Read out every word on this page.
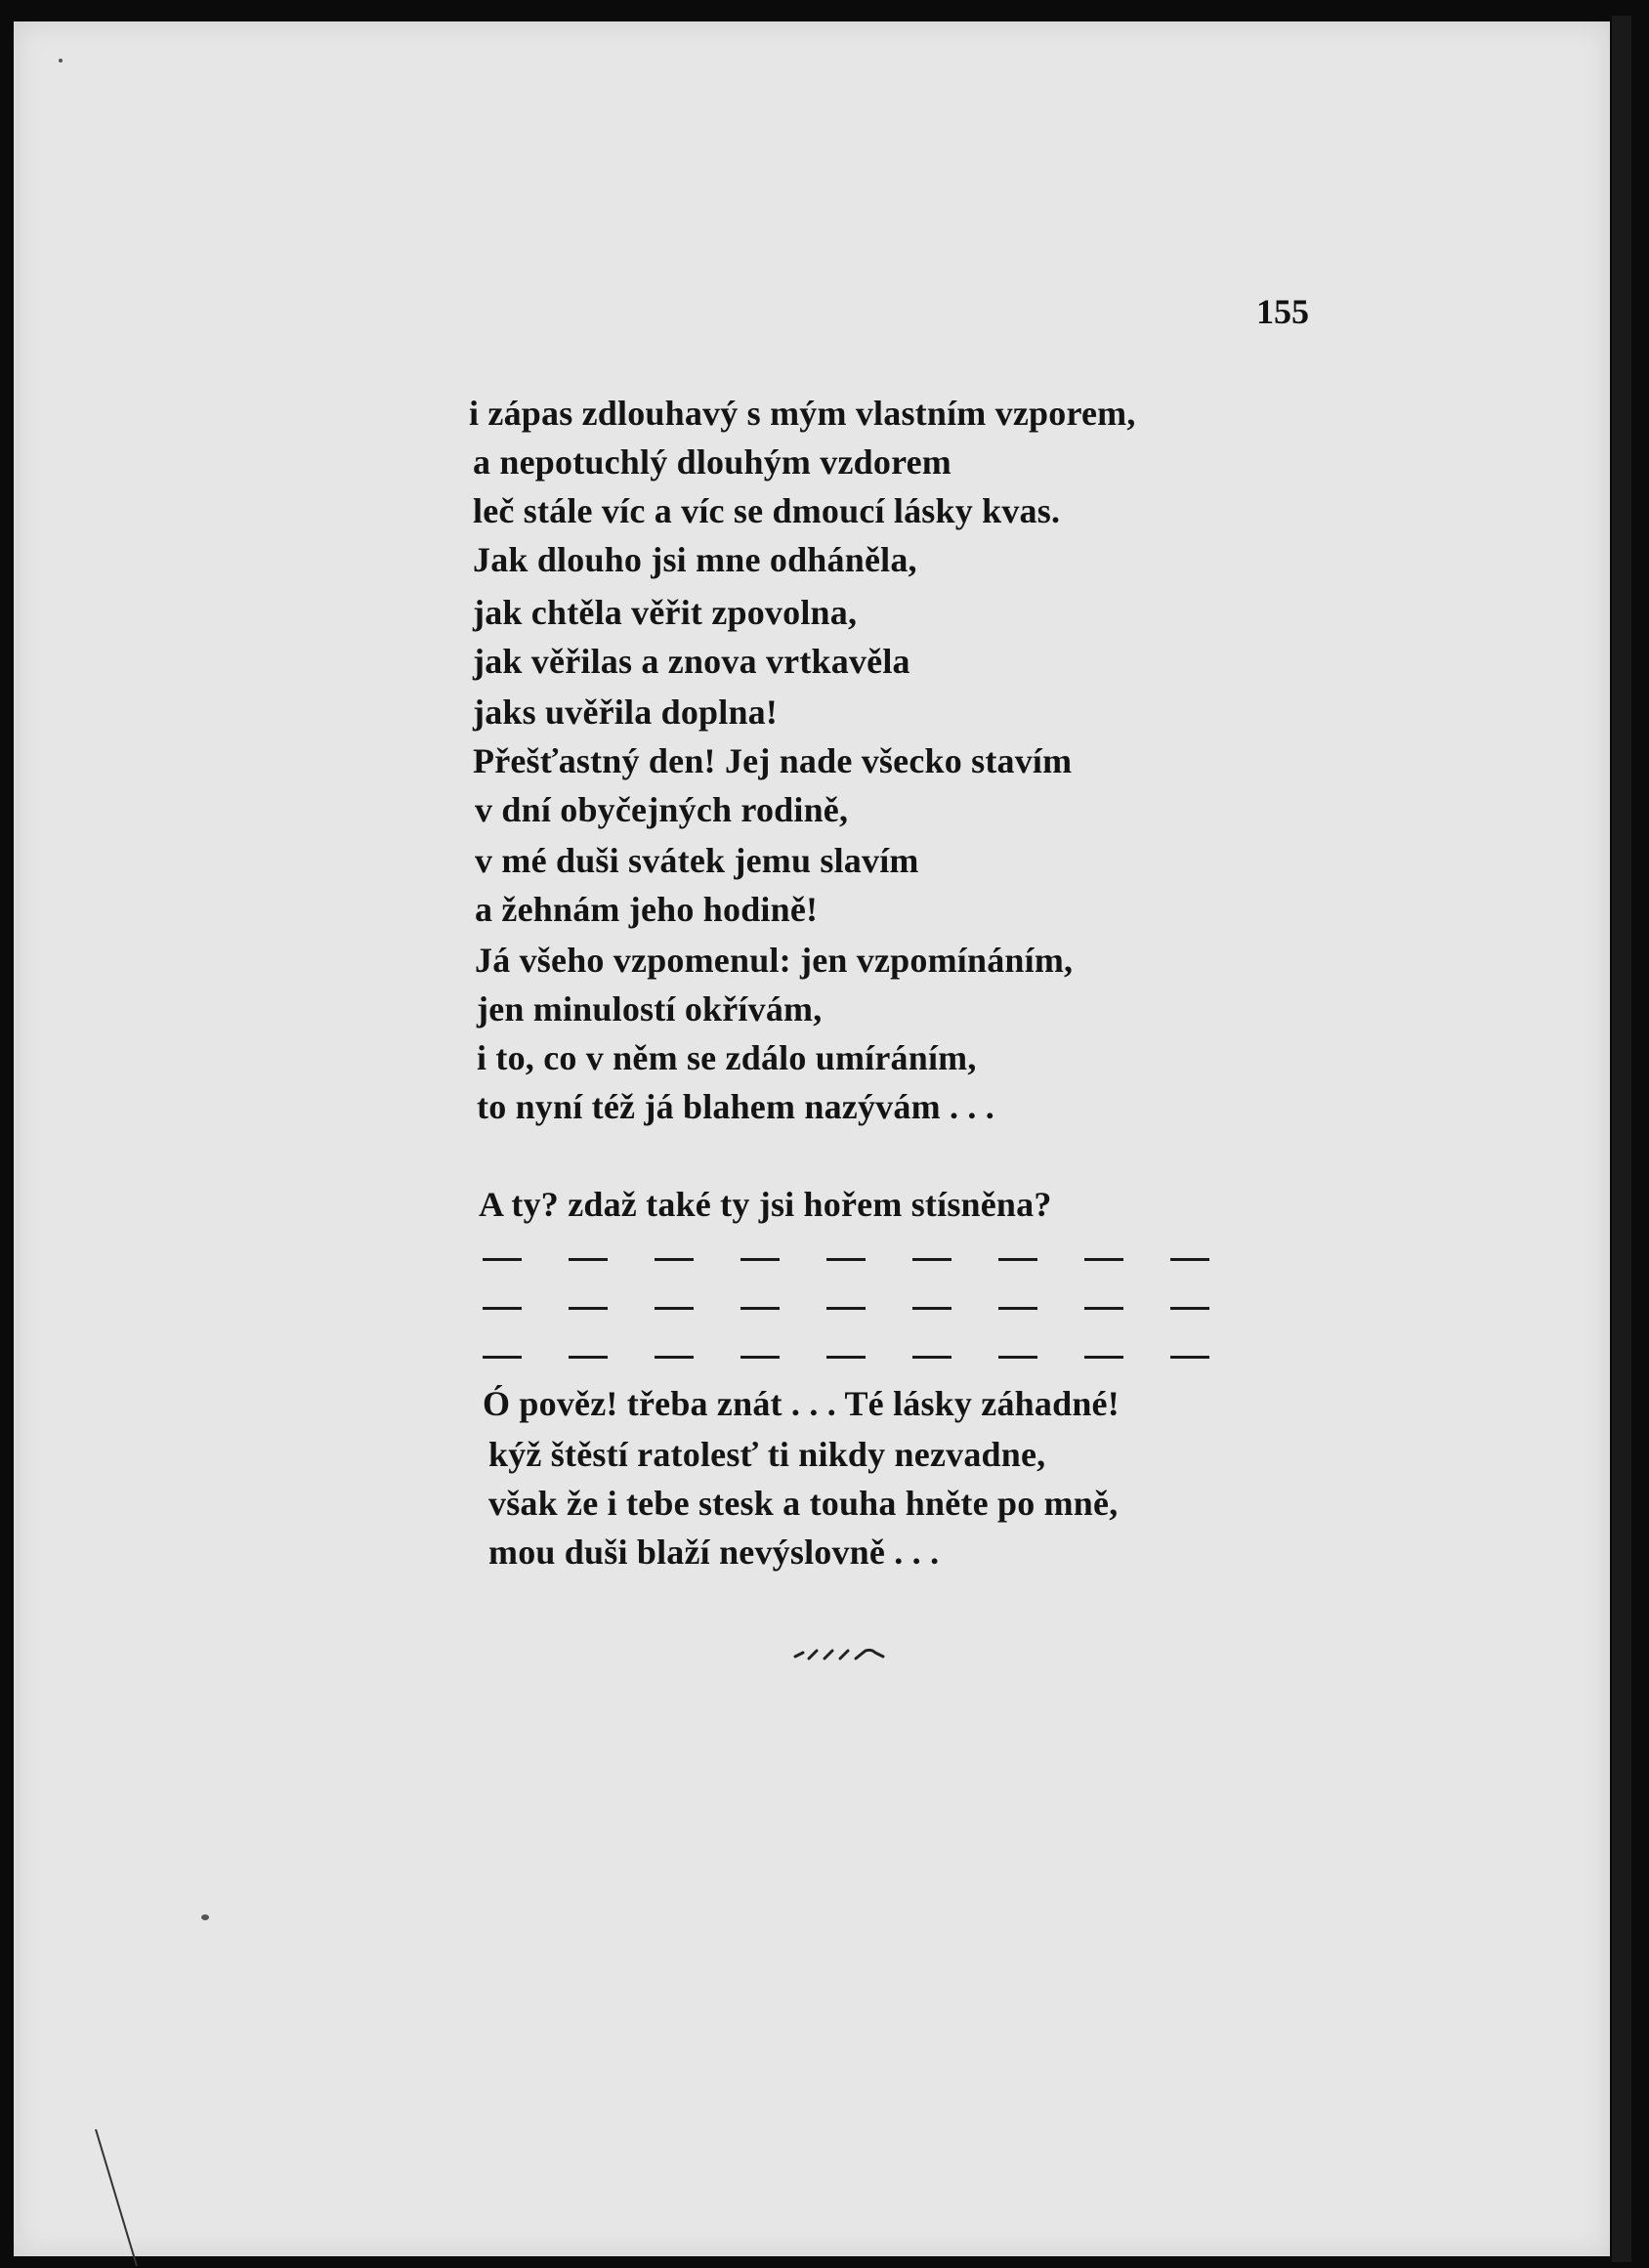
155
i zápas zdlouhavý s mým vlastním vzporem,
a nepotuchlý dlouhým vzdorem
leč stále víc a víc se dmoucí lásky kvas.
Jak dlouho jsi mne odháněla,
jak chtěla věřit zpovolna,
jak věřilas a znova vrtkavěla
jaks uvěřila doplna!
Přešťastný den! Jej nade všecko stavím
v dní obyčejných rodině,
v mé duši svátek jemu slavím
a žehnám jeho hodině!
Já všeho vzpomenul: jen vzpomínáním,
jen minulostí okřívám,
i to, co v něm se zdálo umíráním,
to nyní též já blahem nazývám . . .
A ty? zdaž také ty jsi hořem stísněna?
Ó pověz! třeba znát . . . Té lásky záhadné!
kýž štěstí ratolesť ti nikdy nezvadne,
však že i tebe stesk a touha hněte po mně,
mou duši blaží nevýslovně . . .
